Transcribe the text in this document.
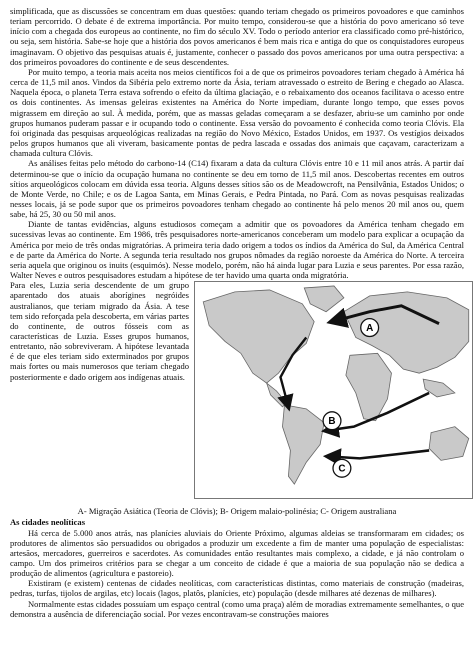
simplificada, que as discussões se concentram em duas questões: quando teriam chegado os primeiros povoadores e que caminhos teriam percorrido. O debate é de extrema importância. Por muito tempo, considerou-se que a história do povo americano só teve início com a chegada dos europeus ao continente, no fim do século XV. Todo o período anterior era classificado como pré-histórico, ou seja, sem história. Sabe-se hoje que a história dos povos americanos é bem mais rica e antiga do que os conquistadores europeus imaginavam. O objetivo das pesquisas atuais é, justamente, conhecer o passado dos povos americanos por uma outra perspectiva: a dos primeiros povoadores do continente e de seus descendentes.

Por muito tempo, a teoria mais aceita nos meios científicos foi a de que os primeiros povoadores teriam chegado à América há cerca de 11,5 mil anos. Vindos da Sibéria pelo extremo norte da Ásia, teriam atravessado o estreito de Bering e chegado ao Alasca. Naquela época, o planeta Terra estava sofrendo o efeito da última glaciação, e o rebaixamento dos oceanos facilitava o acesso entre os dois continentes. As imensas geleiras existentes na América do Norte impediam, durante longo tempo, que esses povos migrassem em direção ao sul. À medida, porém, que as massas geladas começaram a se desfazer, abriu-se um caminho por onde grupos humanos puderam passar e ir ocupando todo o continente. Essa versão do povoamento é conhecida como teoria Clóvis. Ela foi originada das pesquisas arqueológicas realizadas na região do Novo México, Estados Unidos, em 1937. Os vestígios deixados pelos grupos humanos que ali viveram, basicamente pontas de pedra lascada e ossadas dos animais que caçavam, caracterizam a chamada cultura Clóvis.

As análises feitas pelo método do carbono-14 (C14) fixaram a data da cultura Clóvis entre 10 e 11 mil anos atrás. A partir daí determinou-se que o início da ocupação humana no continente se deu em torno de 11,5 mil anos. Descobertas recentes em outros sítios arqueológicos colocam em dúvida essa teoria. Alguns desses sítios são os de Meadowcroft, na Pensilvânia, Estados Unidos; o de Monte Verde, no Chile; e os de Lagoa Santa, em Minas Gerais, e Pedra Pintada, no Pará. Com as novas pesquisas realizadas nesses locais, já se pode supor que os primeiros povoadores tenham chegado ao continente há pelo menos 20 mil anos ou, quem sabe, há 25, 30 ou 50 mil anos.

Diante de tantas evidências, alguns estudiosos começam a admitir que os povoadores da América tenham chegado em sucessivas levas ao continente. Em 1986, três pesquisadores norte-americanos conceberam um modelo para explicar a ocupação da América por meio de três ondas migratórias. A primeira teria dado origem a todos os índios da América do Sul, da América Central e de parte da América do Norte. A segunda teria resultado nos grupos nômades da região noroeste da América do Norte. A terceira seria aquela que originou os inuits (esquimós). Nesse modelo, porém, não há ainda lugar para Luzia e seus parentes. Por essa razão, Walter Neves e outros pesquisadores estudam a hipótese de ter havido uma quarta onda migratória.

Para eles, Luzia seria descendente de um grupo aparentado dos atuais aborígines negróides australianos, que teriam migrado da Ásia. A tese tem sido reforçada pela descoberta, em várias partes do continente, de outros fósseis com as características de Luzia. Esses grupos humanos, entretanto, não sobreviveram. A hipótese levantada é de que eles teriam sido exterminados por grupos mais fortes ou mais numerosos que teriam chegado posteriormente e dado origem aos indígenas atuais.

A
B
C

A- Migração Asiática (Teoria de Clóvis); B- Origem malaio-polinésia; C- Origem australiana

As cidades neolíticas

Há cerca de 5.000 anos atrás, nas planícies aluviais do Oriente Próximo, algumas aldeias se transformaram em cidades; os produtores de alimentos são persuadidos ou obrigados a produzir um excedente a fim de manter uma população de especialistas: artesãos, mercadores, guerreiros e sacerdotes. As comunidades então resultantes mais complexo, a cidade, e já não controlam o campo. Um dos primeiros critérios para se chegar a um conceito de cidade é que a maioria de sua população não se dedica a produção de alimentos (agricultura e pastoreio).

Existiram (e existem) centenas de cidades neolíticas, com características distintas, como materiais de construção (madeiras, pedras, turfas, tijolos de argilas, etc) locais (lagos, platôs, planícies, etc) população (desde milhares até dezenas de milhares).

Normalmente estas cidades possuíam um espaço central (como uma praça) além de moradias extremamente semelhantes, o que demonstra a ausência de diferenciação social. Por vezes encontravam-se construções maiores
